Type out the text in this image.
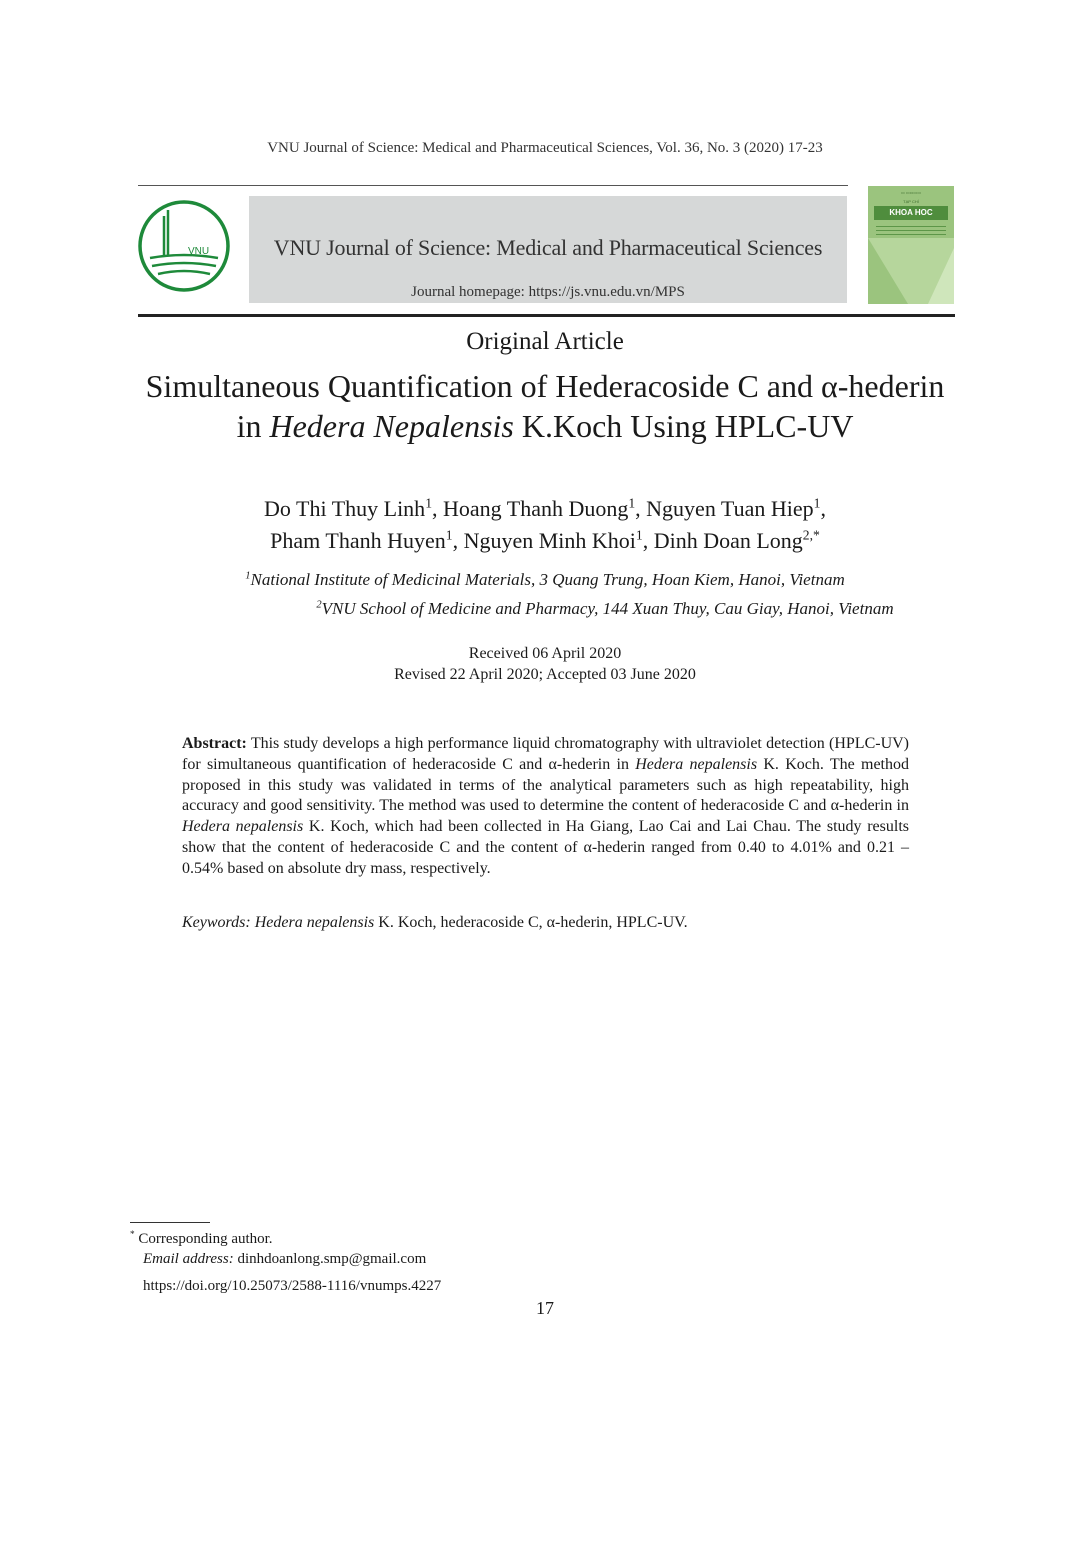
VNU Journal of Science: Medical and Pharmaceutical Sciences, Vol. 36, No. 3 (2020) 17-23
VNU	VNU Journal of Science: Medical and Pharmaceutical Sciences
Journal homepage: https://js.vnu.edu.vn/MPS
▭ ▭▭▭▭
TẠP CHÍ
KHOA HOC
Original Article
Simultaneous Quantification of Hederacoside C and α-hederin
in Hedera Nepalensis K.Koch Using HPLC-UV
Do Thi Thuy Linh$^1$, Hoang Thanh Duong$^1$, Nguyen Tuan Hiep$^1$,
Pham Thanh Huyen$^1$, Nguyen Minh Khoi$^1$, Dinh Doan Long$^{2,*}$
$^1$National Institute of Medicinal Materials, 3 Quang Trung, Hoan Kiem, Hanoi, Vietnam
$^2$VNU School of Medicine and Pharmacy, 144 Xuan Thuy, Cau Giay, Hanoi, Vietnam
Received 06 April 2020
Revised 22 April 2020; Accepted 03 June 2020
Abstract: This study develops a high performance liquid chromatography with ultraviolet detection (HPLC-UV) for simultaneous quantification of hederacoside C and α-hederin in Hedera nepalensis K. Koch. The method proposed in this study was validated in terms of the analytical parameters such as high repeatability, high accuracy and good sensitivity. The method was used to determine the content of hederacoside C and α-hederin in Hedera nepalensis K. Koch, which had been collected in Ha Giang, Lao Cai and Lai Chau. The study results show that the content of hederacoside C and the content of α-hederin ranged from 0.40 to 4.01% and 0.21 – 0.54% based on absolute dry mass, respectively.
Keywords: Hedera nepalensis K. Koch, hederacoside C, α-hederin, HPLC-UV.
* Corresponding author.
Email address: dinhdoanlong.smp@gmail.com
https://doi.org/10.25073/2588-1116/vnumps.4227
17
